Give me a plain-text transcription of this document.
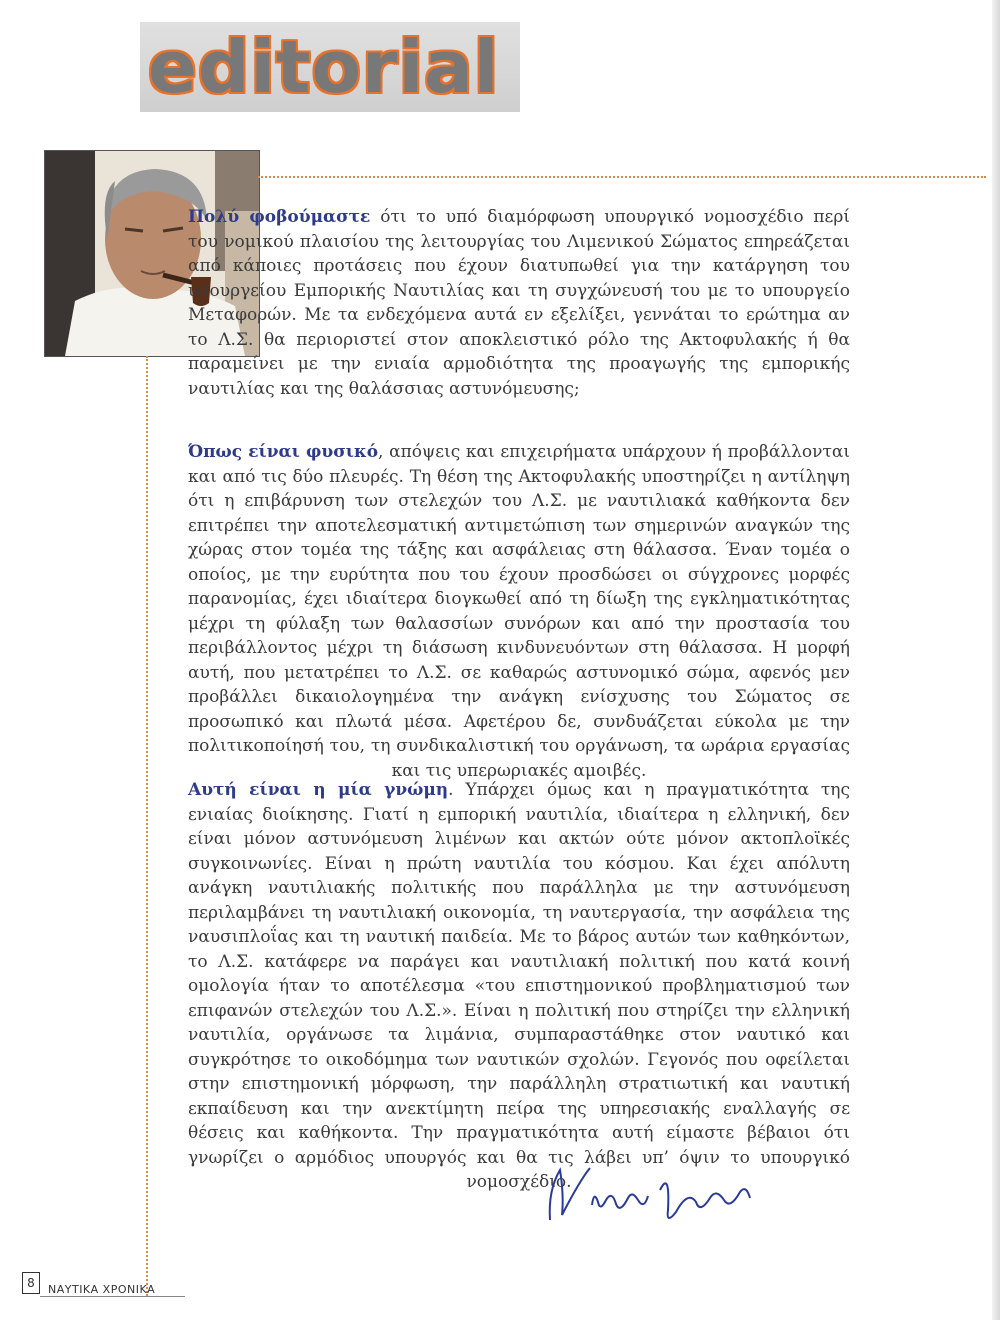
editorial

Πολύ φοβούμαστε ότι το υπό διαμόρφωση υπουργικό νομοσχέδιο περί του νομικού πλαισίου της λειτουργίας του Λιμενικού Σώματος επηρεάζεται από κάποιες προτάσεις που έχουν διατυπωθεί για την κατάργηση του υπουργείου Εμπορικής Ναυτιλίας και τη συγχώνευσή του με το υπουργείο Μεταφορών. Με τα ενδεχόμενα αυτά εν εξελίξει, γεννάται το ερώτημα αν το Λ.Σ. θα περιοριστεί στον αποκλειστικό ρόλο της Ακτοφυλακής ή θα παραμείνει με την ενιαία αρμοδιότητα της προαγωγής της εμπορικής ναυτιλίας και της θαλάσσιας αστυνόμευσης;

Όπως είναι φυσικό, απόψεις και επιχειρήματα υπάρχουν ή προβάλλονται και από τις δύο πλευρές. Τη θέση της Ακτοφυλακής υποστηρίζει η αντίληψη ότι η επιβάρυνση των στελεχών του Λ.Σ. με ναυτιλιακά καθήκοντα δεν επιτρέπει την αποτελεσματική αντιμετώπιση των σημερινών αναγκών της χώρας στον τομέα της τάξης και ασφάλειας στη θάλασσα. Έναν τομέα ο οποίος, με την ευρύτητα που του έχουν προσδώσει οι σύγχρονες μορφές παρανομίας, έχει ιδιαίτερα διογκωθεί από τη δίωξη της εγκληματικότητας μέχρι τη φύλαξη των θαλασσίων συνόρων και από την προστασία του περιβάλλοντος μέχρι τη διάσωση κινδυνευόντων στη θάλασσα. Η μορφή αυτή, που μετατρέπει το Λ.Σ. σε καθαρώς αστυνομικό σώμα, αφενός μεν προβάλλει δικαιολογημένα την ανάγκη ενίσχυσης του Σώματος σε προσωπικό και πλωτά μέσα. Αφετέρου δε, συνδυάζεται εύκολα με την πολιτικοποίησή του, τη συνδικαλιστική του οργάνωση, τα ωράρια εργασίας και τις υπερωριακές αμοιβές.

Αυτή είναι η μία γνώμη. Υπάρχει όμως και η πραγματικότητα της ενιαίας διοίκησης. Γιατί η εμπορική ναυτιλία, ιδιαίτερα η ελληνική, δεν είναι μόνον αστυνόμευση λιμένων και ακτών ούτε μόνον ακτοπλοϊκές συγκοινωνίες. Είναι η πρώτη ναυτιλία του κόσμου. Και έχει απόλυτη ανάγκη ναυτιλιακής πολιτικής που παράλληλα με την αστυνόμευση περιλαμβάνει τη ναυτιλιακή οικονομία, τη ναυτεργασία, την ασφάλεια της ναυσιπλοΐας και τη ναυτική παιδεία. Με το βάρος αυτών των καθηκόντων, το Λ.Σ. κατάφερε να παράγει και ναυτιλιακή πολιτική που κατά κοινή ομολογία ήταν το αποτέλεσμα «του επιστημονικού προβληματισμού των επιφανών στελεχών του Λ.Σ.». Είναι η πολιτική που στηρίζει την ελληνική ναυτιλία, οργάνωσε τα λιμάνια, συμπαραστάθηκε στον ναυτικό και συγκρότησε το οικοδόμημα των ναυτικών σχολών. Γεγονός που οφείλεται στην επιστημονική μόρφωση, την παράλληλη στρατιωτική και ναυτική εκπαίδευση και την ανεκτίμητη πείρα της υπηρεσιακής εναλλαγής σε θέσεις και καθήκοντα. Την πραγματικότητα αυτή είμαστε βέβαιοι ότι γνωρίζει ο αρμόδιος υπουργός και θα τις λάβει υπ’ όψιν το υπουργικό νομοσχέδιο.

8	ΝΑΥΤΙΚΑ ΧΡΟΝΙΚΑ
